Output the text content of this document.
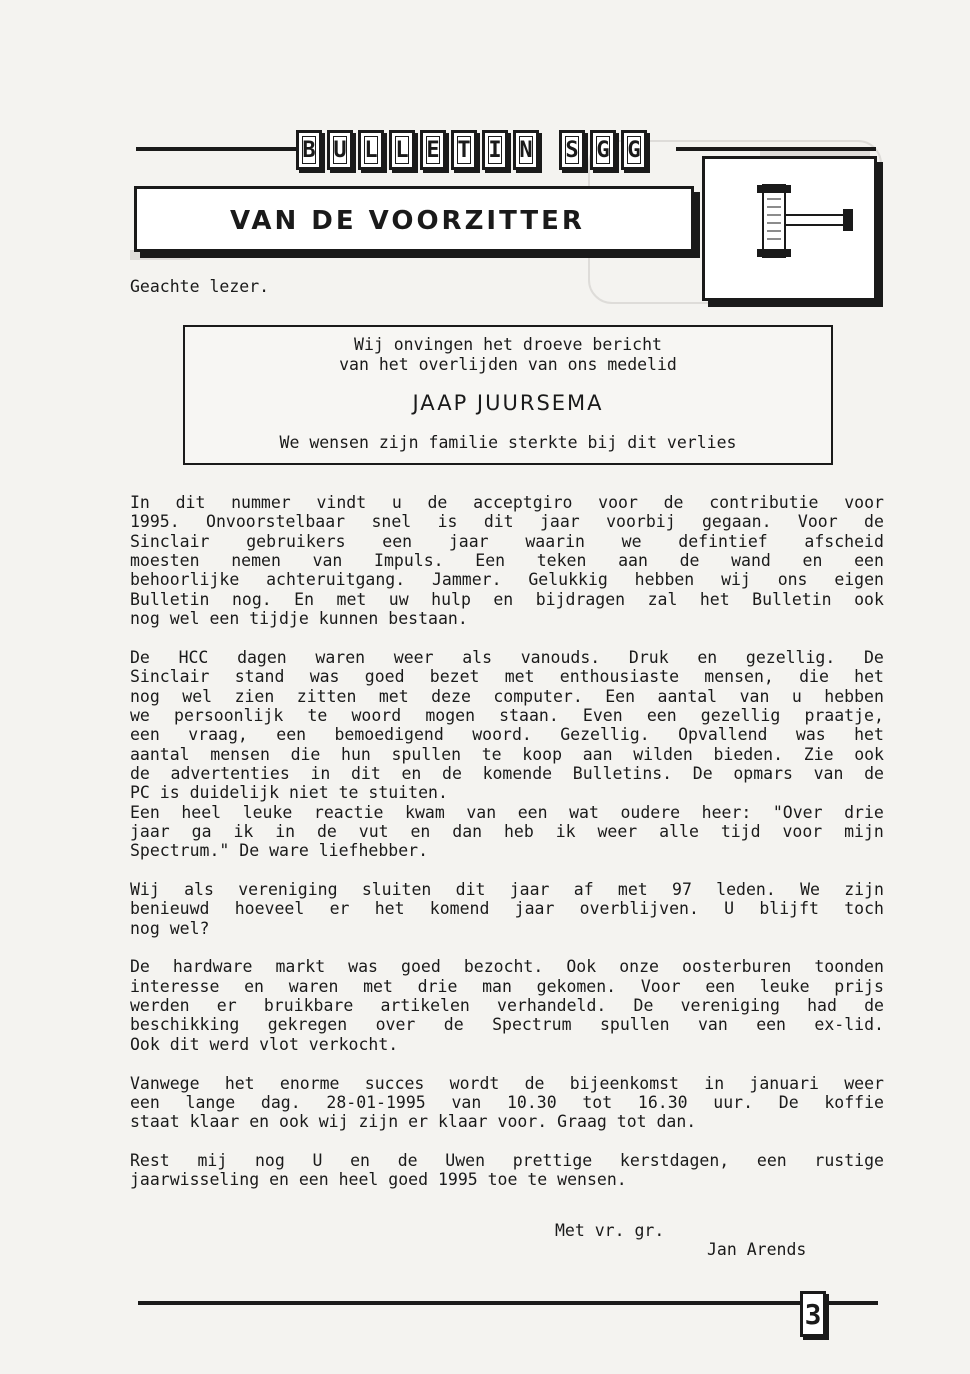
B U L L E T I N S G G
VAN DE VOORZITTER
Geachte lezer.
Wij onvingen het droeve bericht
van het overlijden van ons medelid
JAAP JUURSEMA
We wensen zijn familie sterkte bij dit verlies
In dit nummer vindt u de acceptgiro voor de contributie voor
1995. Onvoorstelbaar snel is dit jaar voorbij gegaan. Voor de
Sinclair gebruikers een jaar waarin we defintief afscheid
moesten nemen van Impuls. Een teken aan de wand en een
behoorlijke achteruitgang. Jammer. Gelukkig hebben wij ons eigen
Bulletin nog. En met uw hulp en bijdragen zal het Bulletin ook
nog wel een tijdje kunnen bestaan.
De HCC dagen waren weer als vanouds. Druk en gezellig. De
Sinclair stand was goed bezet met enthousiaste mensen, die het
nog wel zien zitten met deze computer. Een aantal van u hebben
we persoonlijk te woord mogen staan. Even een gezellig praatje,
een vraag, een bemoedigend woord. Gezellig. Opvallend was het
aantal mensen die hun spullen te koop aan wilden bieden. Zie ook
de advertenties in dit en de komende Bulletins. De opmars van de
PC is duidelijk niet te stuiten.
Een heel leuke reactie kwam van een wat oudere heer: "Over drie
jaar ga ik in de vut en dan heb ik weer alle tijd voor mijn
Spectrum." De ware liefhebber.
Wij als vereniging sluiten dit jaar af met 97 leden. We zijn
benieuwd hoeveel er het komend jaar overblijven. U blijft toch
nog wel?
De hardware markt was goed bezocht. Ook onze oosterburen toonden
interesse en waren met drie man gekomen. Voor een leuke prijs
werden er bruikbare artikelen verhandeld. De vereniging had de
beschikking gekregen over de Spectrum spullen van een ex-lid.
Ook dit werd vlot verkocht.
Vanwege het enorme succes wordt de bijeenkomst in januari weer
een lange dag. 28-01-1995 van 10.30 tot 16.30 uur. De koffie
staat klaar en ook wij zijn er klaar voor. Graag tot dan.
Rest mij nog U en de Uwen prettige kerstdagen, een rustige
jaarwisseling en een heel goed 1995 toe te wensen.
Met vr. gr.
Jan Arends
3
